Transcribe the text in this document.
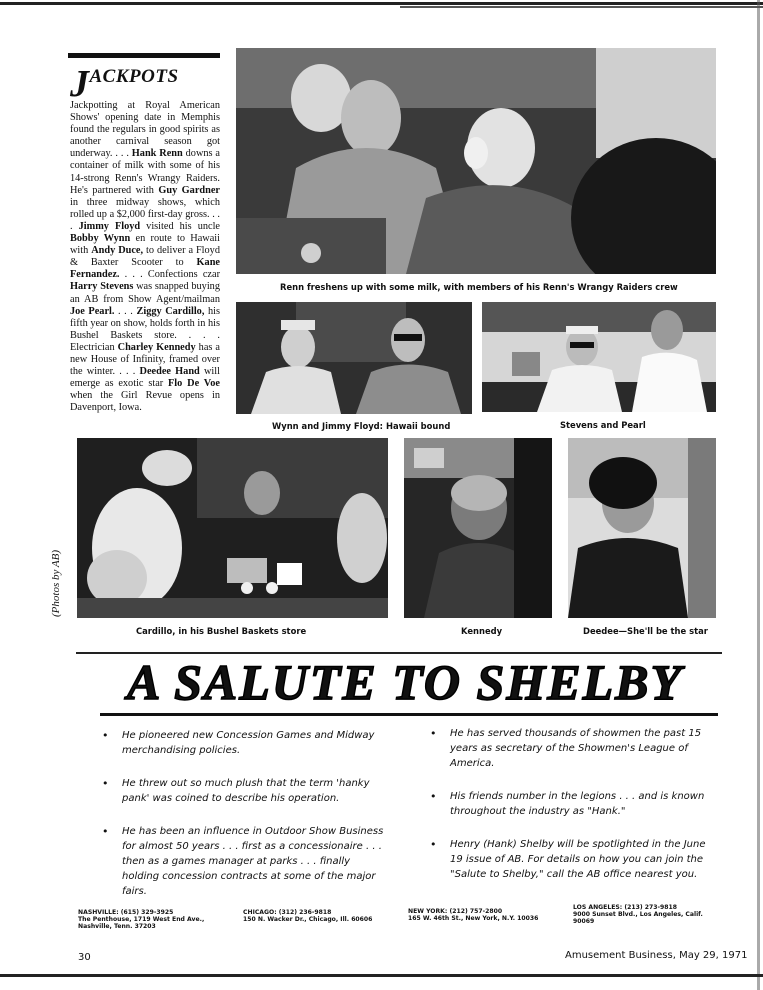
JACKPOTS
Jackpotting at Royal American Shows' opening date in Memphis found the regulars in good spirits as another carnival season got underway. . . . Hank Renn downs a container of milk with some of his 14-strong Renn's Wrangy Raiders. He's partnered with Guy Gardner in three midway shows, which rolled up a $2,000 first-day gross. . . . Jimmy Floyd visited his uncle Bobby Wynn en route to Hawaii with Andy Duce, to deliver a Floyd & Baxter Scooter to Kane Fernandez. . . . Confections czar Harry Stevens was snapped buying an AB from Show Agent/mailman Joe Pearl. . . . Ziggy Cardillo, his fifth year on show, holds forth in his Bushel Baskets store. . . . Electrician Charley Kennedy has a new House of Infinity, framed over the winter. . . . Deedee Hand will emerge as exotic star Flo De Voe when the Girl Revue opens in Davenport, Iowa.
Renn freshens up with some milk, with members of his Renn's Wrangy Raiders crew
Wynn and Jimmy Floyd: Hawaii bound	Stevens and Pearl
(Photos by AB)
Cardillo, in his Bushel Baskets store	Kennedy	Deedee—She'll be the star
A SALUTE TO SHELBY
• He pioneered new Concession Games and Midway merchandising policies.
• He threw out so much plush that the term 'hanky pank' was coined to describe his operation.
• He has been an influence in Outdoor Show Business for almost 50 years . . . first as a concessionaire . . . then as a games manager at parks . . . finally holding concession contracts at some of the major fairs.
• He has served thousands of showmen the past 15 years as secretary of the Showmen's League of America.
• His friends number in the legions . . . and is known throughout the industry as "Hank."
• Henry (Hank) Shelby will be spotlighted in the June 19 issue of AB. For details on how you can join the "Salute to Shelby," call the AB office nearest you.
NASHVILLE: (615) 329-3925
The Penthouse, 1719 West End Ave.,
Nashville, Tenn. 37203
CHICAGO: (312) 236-9818
150 N. Wacker Dr., Chicago, Ill. 60606
NEW YORK: (212) 757-2800
165 W. 46th St., New York, N.Y. 10036
LOS ANGELES: (213) 273-9818
9000 Sunset Blvd., Los Angeles, Calif.
90069
30	Amusement Business, May 29, 1971
